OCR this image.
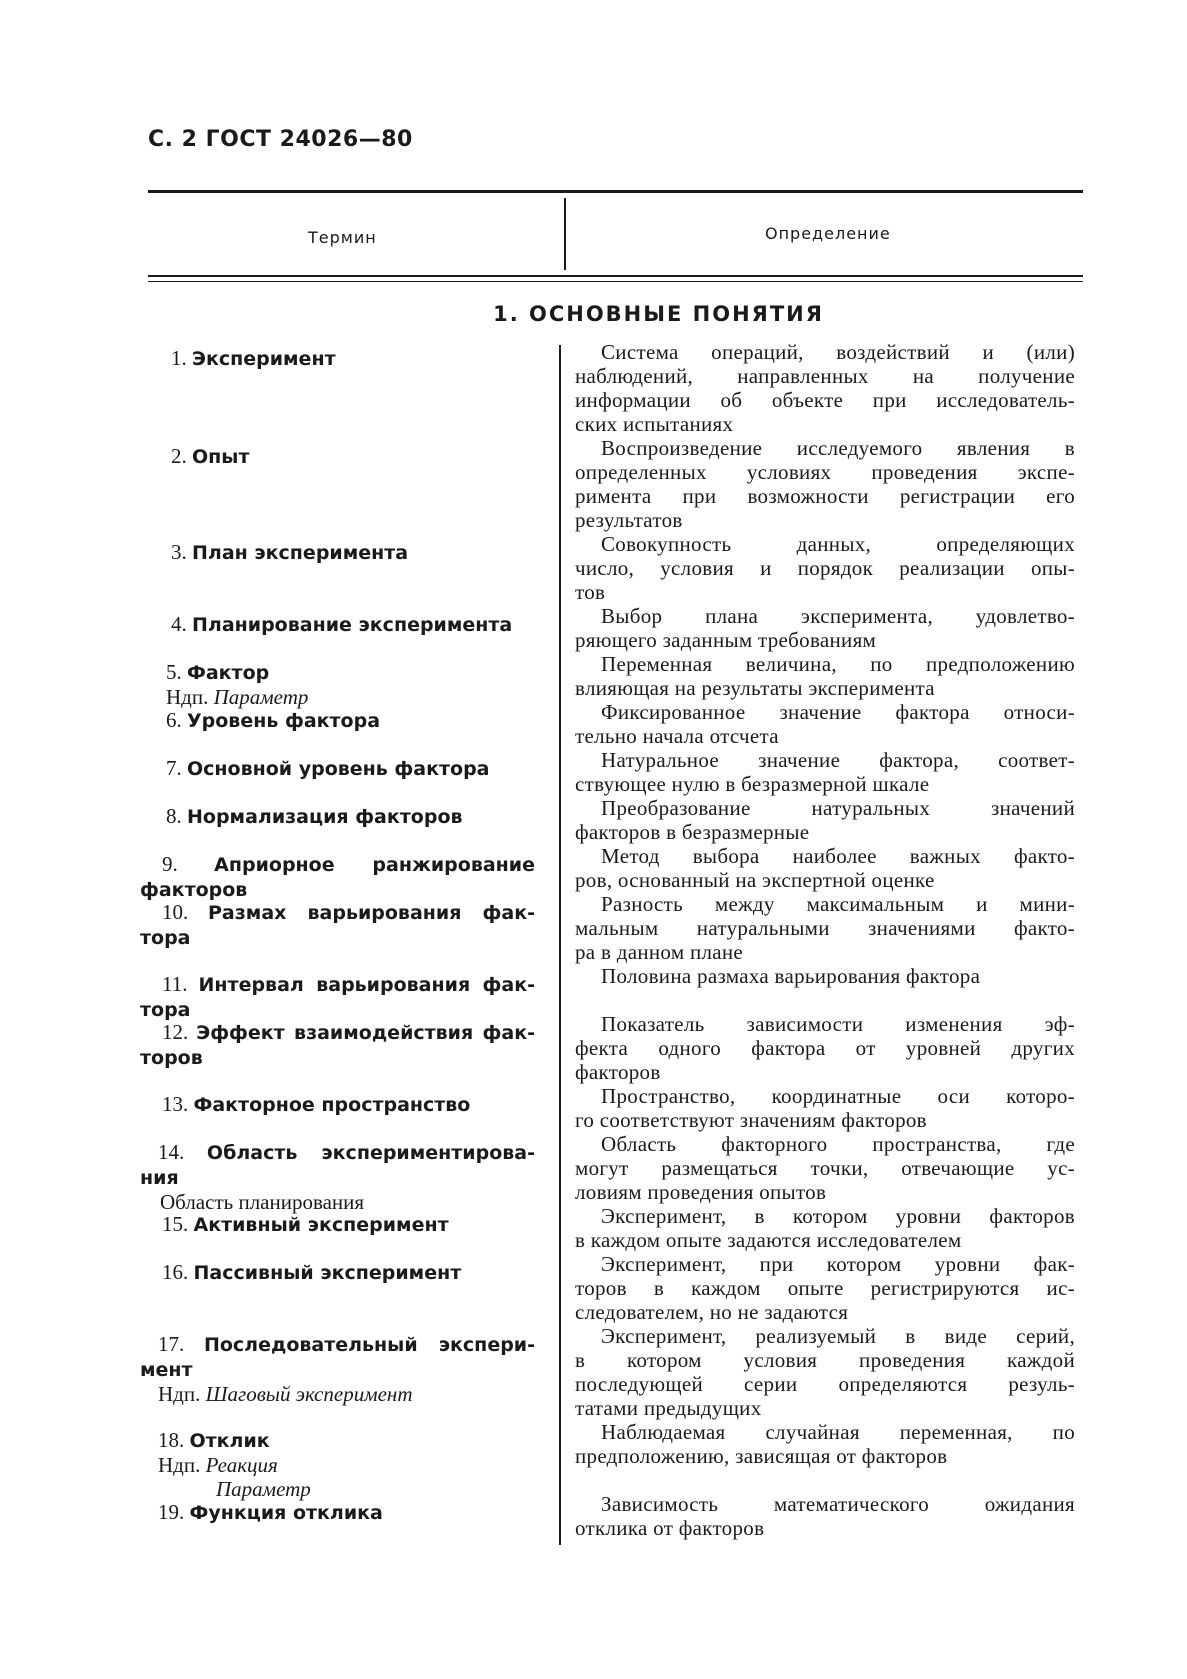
С. 2 ГОСТ 24026—80
Термин	Определение
1. ОСНОВНЫЕ ПОНЯТИЯ
1. Эксперимент
2. Опыт
3. План эксперимента
4. Планирование эксперимента
5. Фактор
Ндп. Параметр
6. Уровень фактора
7. Основной уровень фактора
8. Нормализация факторов
9. Априорное ранжирование
факторов
10. Размах варьирования фак-
тора
11. Интервал варьирования фак-
тора
12. Эффект взаимодействия фак-
торов
13. Факторное пространство
14. Область экспериментирова-
ния
Область планирования
15. Активный эксперимент
16. Пассивный эксперимент
17. Последовательный экспери-
мент
Ндп. Шаговый эксперимент
18. Отклик
Ндп. Реакция
Параметр
19. Функция отклика
Система операций, воздействий и (или)
наблюдений, направленных на получение
информации об объекте при исследователь-
ских испытаниях
Воспроизведение исследуемого явления в
определенных условиях проведения экспе-
римента при возможности регистрации его
результатов
Совокупность данных, определяющих
число, условия и порядок реализации опы-
тов
Выбор плана эксперимента, удовлетво-
ряющего заданным требованиям
Переменная величина, по предположению
влияющая на результаты эксперимента
Фиксированное значение фактора относи-
тельно начала отсчета
Натуральное значение фактора, соответ-
ствующее нулю в безразмерной шкале
Преобразование натуральных значений
факторов в безразмерные
Метод выбора наиболее важных факто-
ров, основанный на экспертной оценке
Разность между максимальным и мини-
мальным натуральными значениями факто-
ра в данном плане
Половина размаха варьирования фактора
Показатель зависимости изменения эф-
фекта одного фактора от уровней других
факторов
Пространство, координатные оси которо-
го соответствуют значениям факторов
Область факторного пространства, где
могут размещаться точки, отвечающие ус-
ловиям проведения опытов
Эксперимент, в котором уровни факторов
в каждом опыте задаются исследователем
Эксперимент, при котором уровни фак-
торов в каждом опыте регистрируются ис-
следователем, но не задаются
Эксперимент, реализуемый в виде серий,
в котором условия проведения каждой
последующей серии определяются резуль-
татами предыдущих
Наблюдаемая случайная переменная, по
предположению, зависящая от факторов
Зависимость математического ожидания
отклика от факторов
